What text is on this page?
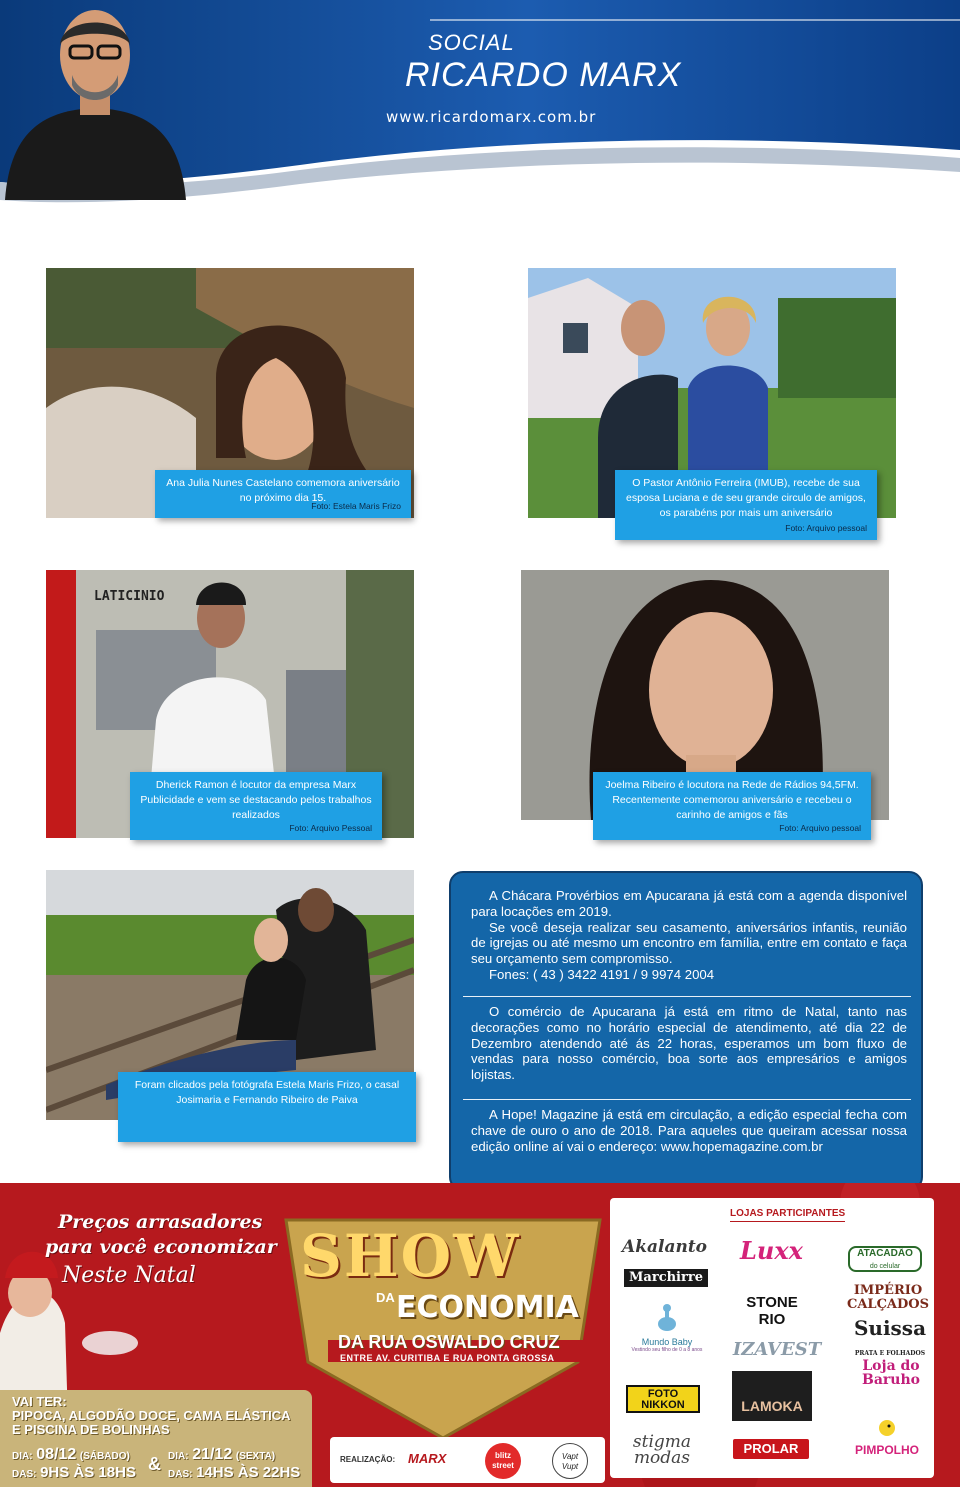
SOCIAL
RICARDO MARX
www.ricardomarx.com.br
Ana Julia Nunes Castelano comemora aniversário no próximo dia 15.
Foto: Estela Maris Frizo
O Pastor Antônio Ferreira (IMUB), recebe de sua esposa Luciana e de seu grande circulo de amigos, os parabéns por mais um aniversário
Foto: Arquivo pessoal
LATICINIO
Dherick Ramon é locutor da empresa Marx Publicidade e vem se destacando pelos trabalhos realizados
Foto: Arquivo Pessoal
Joelma Ribeiro é locutora na Rede de Rádios 94,5FM. Recentemente comemorou aniversário e recebeu o carinho de amigos e fãs
Foto: Arquivo pessoal
Foram clicados pela fotógrafa Estela Maris Frizo, o casal Josimaria e Fernando Ribeiro de Paiva

A Chácara Provérbios em Apucarana já está com a agenda disponível para locações em 2019.

Se você deseja realizar seu casamento, aniversários infantis, reunião de igrejas ou até mesmo um encontro em família, entre em contato e faça seu orçamento sem compromisso.

Fones: ( 43 ) 3422 4191 / 9 9974 2004

O comércio de Apucarana já está em ritmo de Natal, tanto nas decorações como no horário especial de atendimento, até dia 22 de Dezembro atendendo até ás 22 horas, esperamos um bom fluxo de vendas para nosso comércio, boa sorte aos empresários e amigos lojistas.

A Hope! Magazine já está em circulação, a edição especial fecha com chave de ouro o ano de 2018. Para aqueles que queiram acessar nossa edição online aí vai o endereço: www.hopemagazine.com.br

Preços arrasadores
para você economizar
Neste Natal SHOW
DA ECONOMIA
DA RUA OSWALDO CRUZ
ENTRE AV. CURITIBA E RUA PONTA GROSSA
VAI TER:
PIPOCA, ALGODÃO DOCE, CAMA ELÁSTICA
E PISCINA DE BOLINHAS
DIA: 08/12 (SÁBADO)
DAS: 9HS ÀS 18HS & DIA: 21/12 (SEXTA)
DAS: 14HS ÀS 22HS
REALIZAÇÃO: MARX	blitz street
Vapt Vupt
LOJAS PARTICIPANTES
Akalanto Luxx	ATACADÃO
do celular
Marchirre
IMPÉRIO CALÇADOS
STONE RIO	Suissa
PRATA E FOLHADOS
Mundo Baby
Vestindo seu filho de 0 a 8 anos	IZAVEST
Loja do Baruho
FOTO NIKKON	LAMOKA
stigma modas	PROLAR	PIMPOLHO
